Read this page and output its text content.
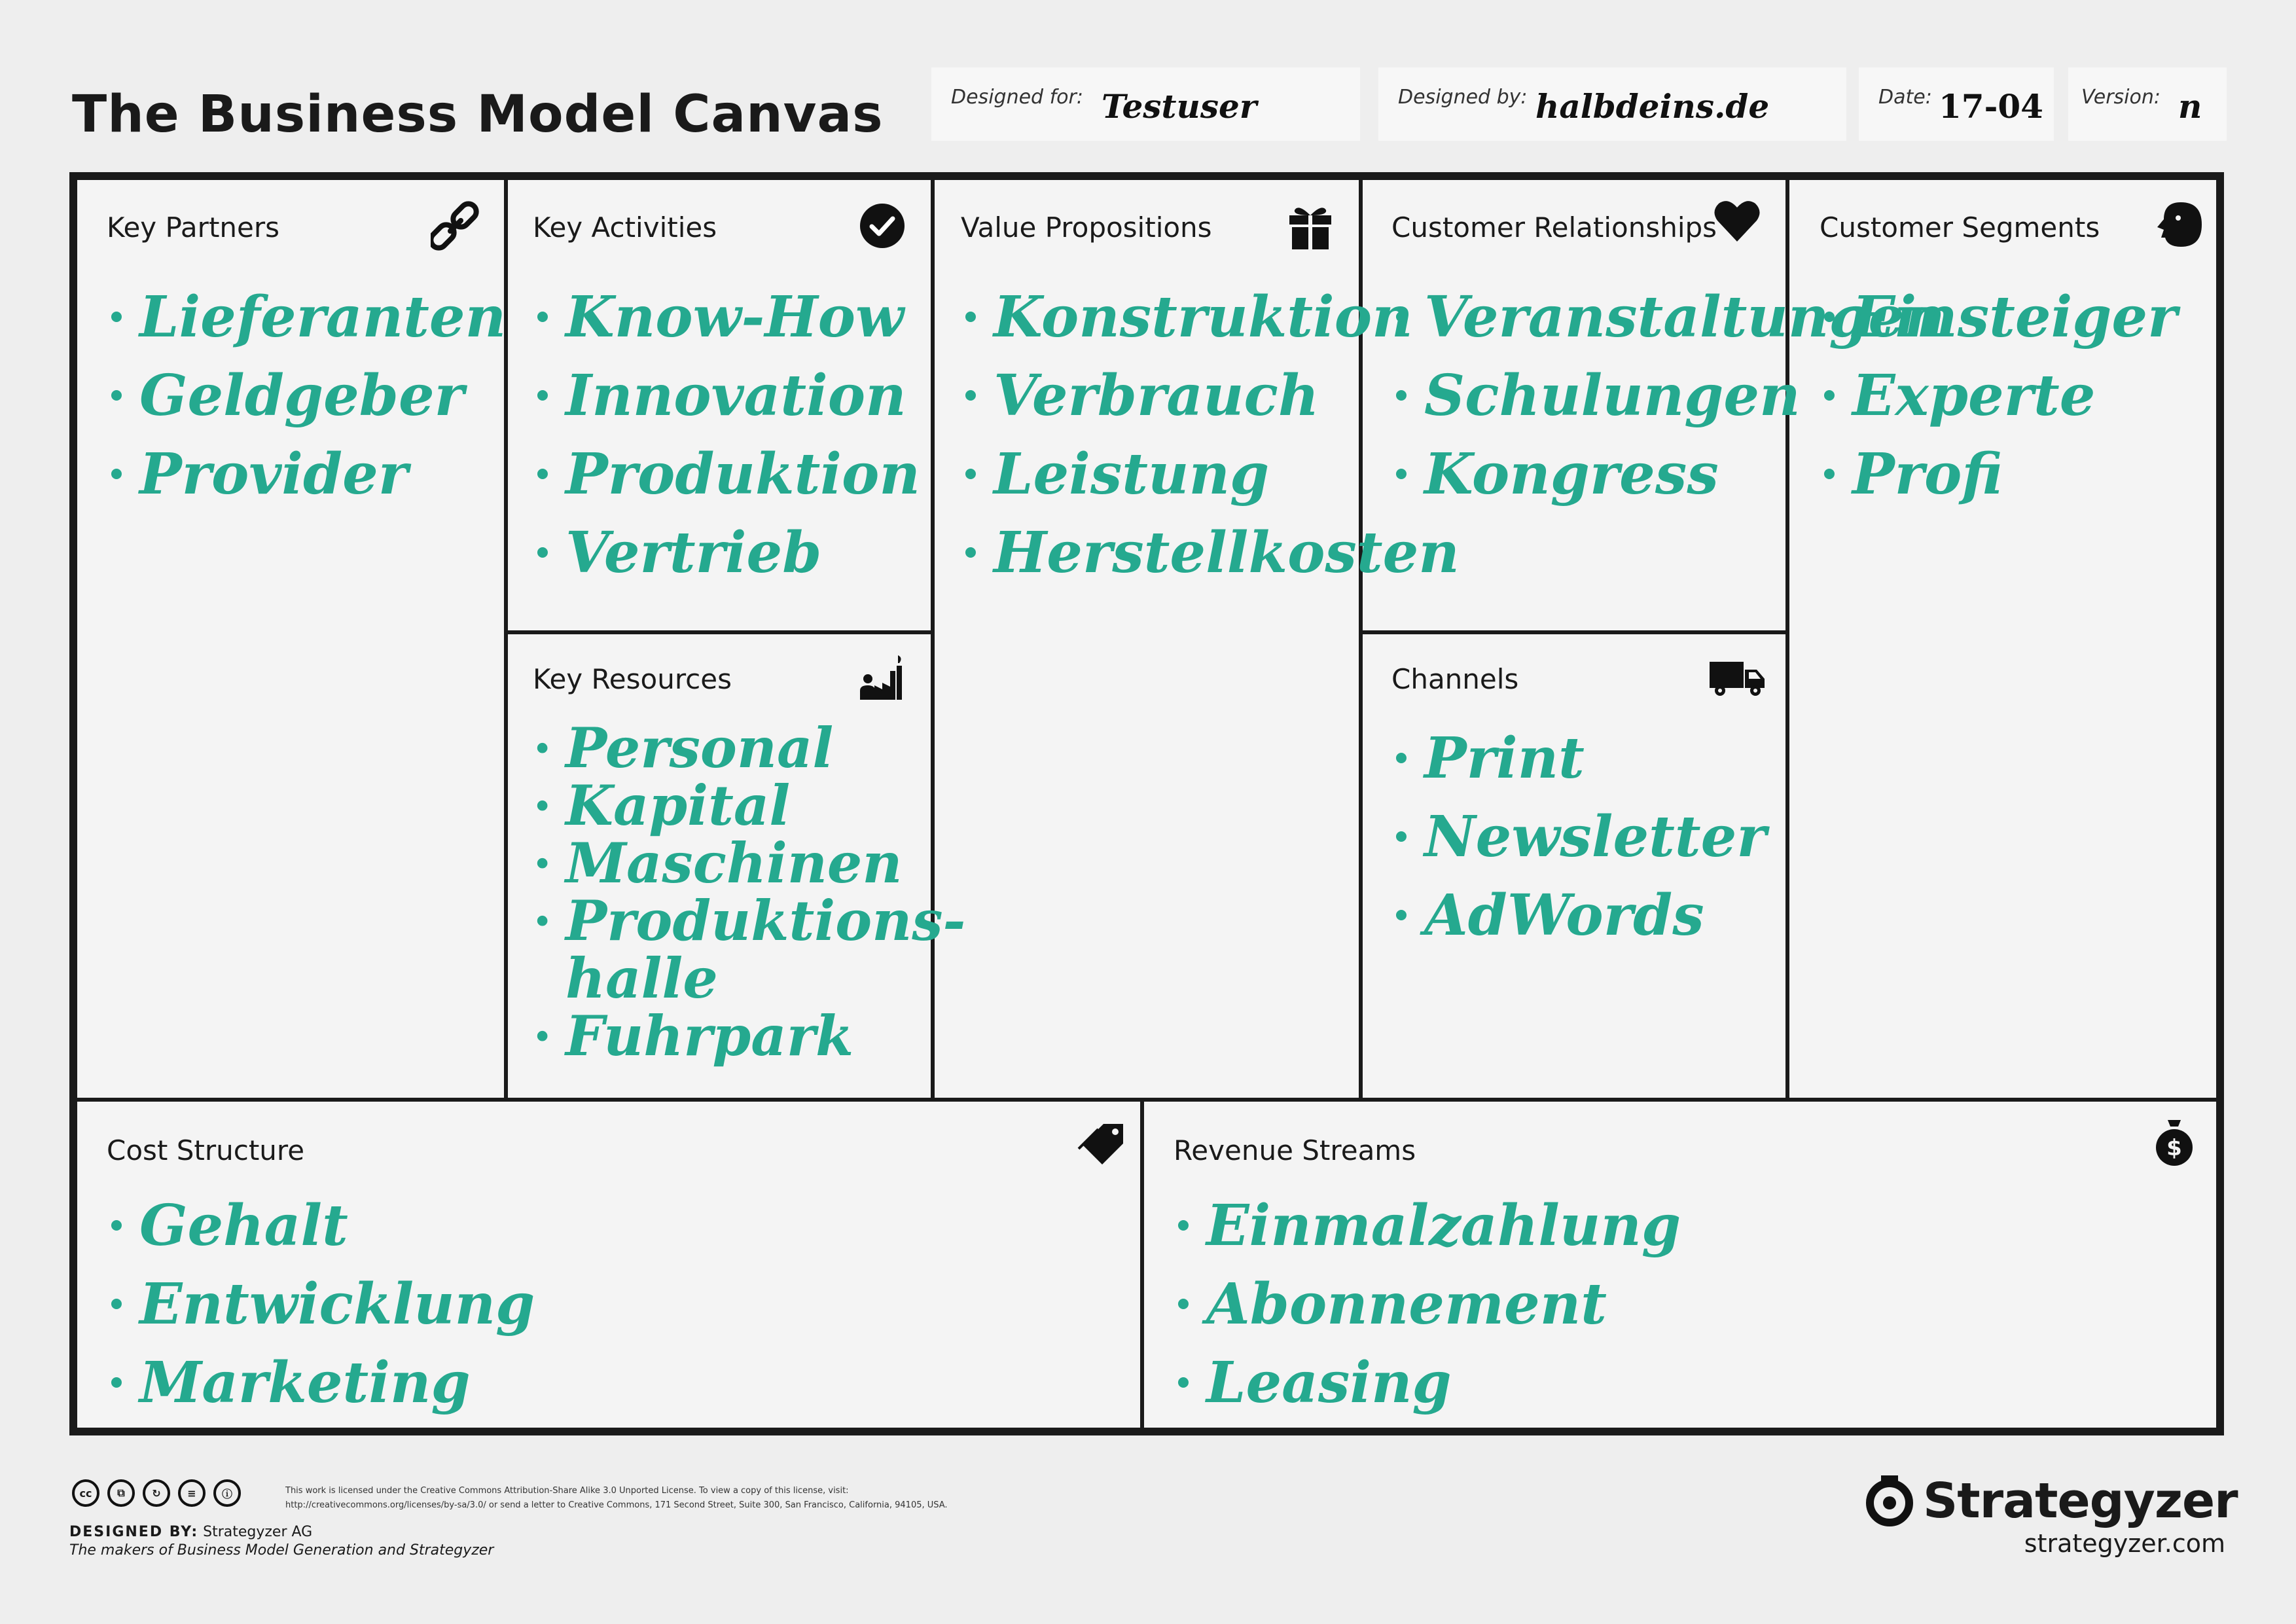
The Business Model Canvas	Designed for: Testuser	Designed by: halbdeins.de	Date: 17-04 Version: n
Key Partners
· Lieferanten
· Geldgeber
· Provider
Key Activities
· Know-How
· Innovation
· Produktion
· Vertrieb
Key Resources
· Personal
· Kapital
· Maschinen
· Produktions-
halle
· Fuhrpark
Value Propositions
· Konstruktion
· Verbrauch
· Leistung
· Herstellkosten
Customer Relationships
· Veranstaltungen
· Schulungen
· Kongress
Channels
· Print
· Newsletter
· AdWords
Customer Segments
· Einsteiger
· Experte
· Profi
Cost Structure
· Gehalt
· Entwicklung
· Marketing
Revenue Streams	$
· Einmalzahlung
· Abonnement
· Leasing
cc	⧉	↻	≡	ⓘ	This work is licensed under the Creative Commons Attribution-Share Alike 3.0 Unported License. To view a copy of this license, visit:
http://creativecommons.org/licenses/by-sa/3.0/ or send a letter to Creative Commons, 171 Second Street, Suite 300, San Francisco, California, 94105, USA.
DESIGNED BY: Strategyzer AG
The makers of Business Model Generation and Strategyzer
Strategyzer
strategyzer.com
